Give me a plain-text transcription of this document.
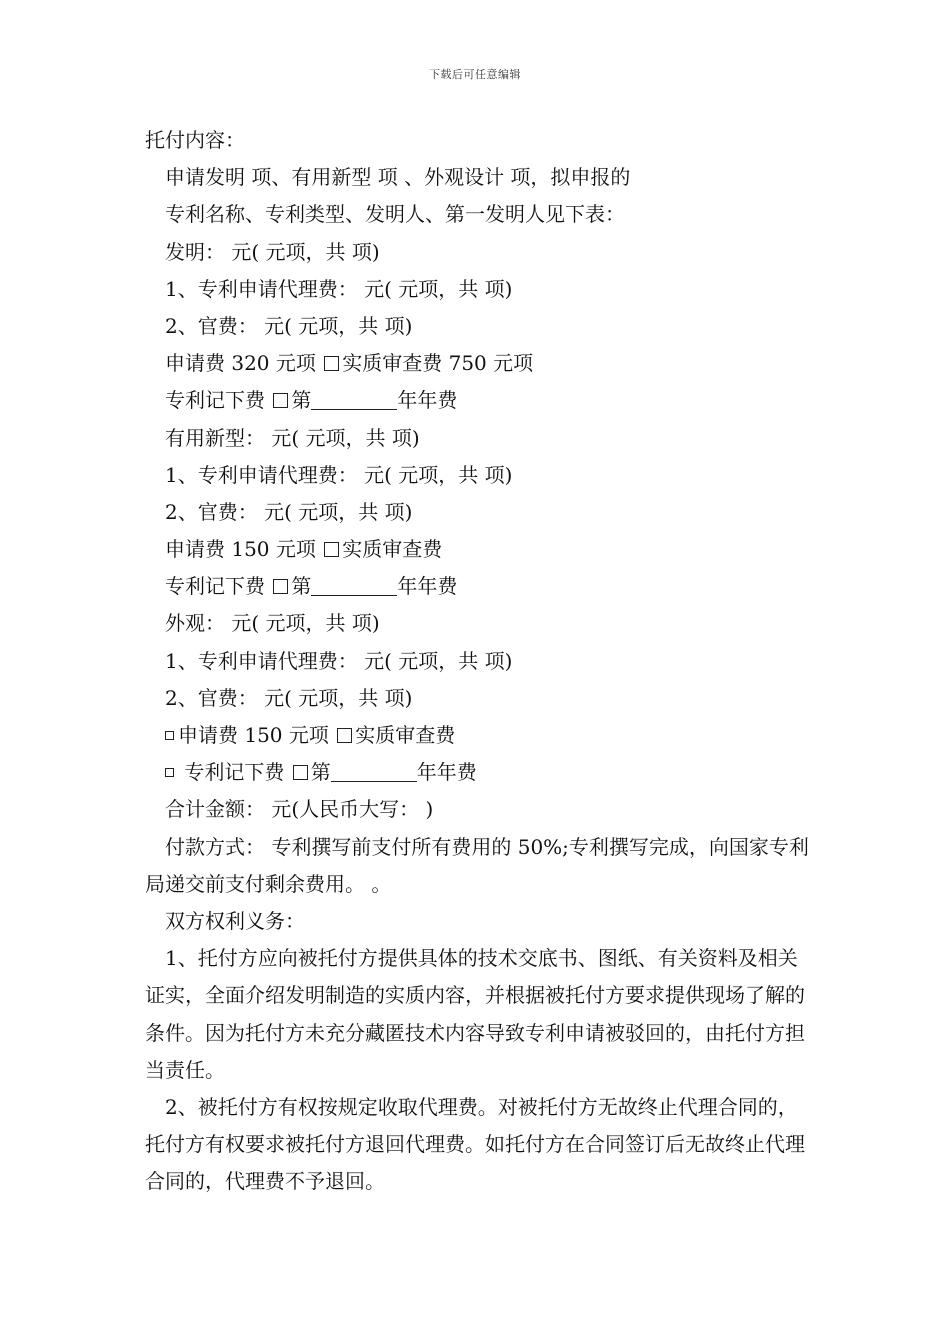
下载后可任意编辑
托付内容：
申请发明 项、有用新型 项 、外观设计 项，拟申报的
专利名称、专利类型、发明人、第一发明人见下表：
发明： 元( 元项，共 项)
1、专利申请代理费： 元( 元项，共 项)
2、官费： 元( 元项，共 项)
申请费 320 元项 实质审查费 750 元项
专利记下费 第	年年费
有用新型： 元( 元项，共 项)
1、专利申请代理费： 元( 元项，共 项)
2、官费： 元( 元项，共 项)
申请费 150 元项 实质审查费
专利记下费 第	年年费
外观： 元( 元项，共 项)
1、专利申请代理费： 元( 元项，共 项)
2、官费： 元( 元项，共 项)
申请费 150 元项 实质审查费
专利记下费 第	年年费
合计金额： 元(人民币大写： )

付款方式： 专利撰写前支付所有费用的 50%;专利撰写完成，向国家专利局递交前支付剩余费用。 。

双方权利义务：

1、托付方应向被托付方提供具体的技术交底书、图纸、有关资料及相关证实，全面介绍发明制造的实质内容，并根据被托付方要求提供现场了解的条件。因为托付方未充分藏匿技术内容导致专利申请被驳回的，由托付方担当责任。

2、被托付方有权按规定收取代理费。对被托付方无故终止代理合同的，托付方有权要求被托付方退回代理费。如托付方在合同签订后无故终止代理合同的，代理费不予退回。
